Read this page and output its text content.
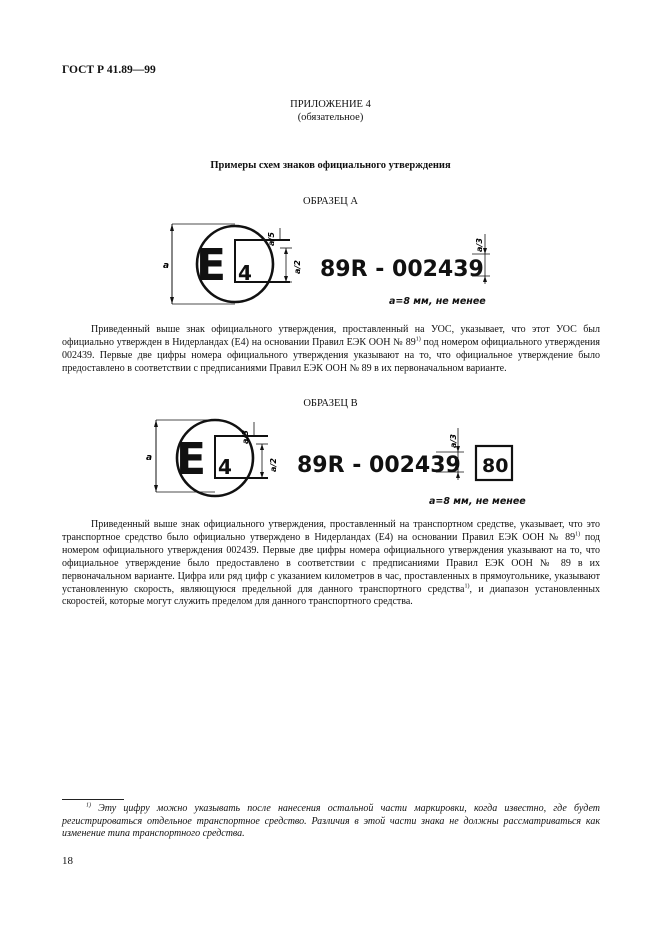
ГОСТ Р 41.89—99
ПРИЛОЖЕНИЕ 4
(обязательное)
Примеры схем знаков официального утверждения
ОБРАЗЕЦ А
a E 4
a/5
a/2 89R - 002439
a/3
a=8 мм, не менее

Приведенный выше знак официального утверждения, проставленный на УОС, указывает, что этот УОС был официально утвержден в Нидерландах (E4) на основании Правил ЕЭК ООН № 89$^{1)}$ под номером официального утверждения 002439. Первые две цифры номера официального утверждения указывают на то, что официальное утверждение было предоставлено в соответствии с предписаниями Правил ЕЭК ООН № 89 в их первоначальном варианте.

ОБРАЗЕЦ В
a E 4
a/3
a/2 89R - 002439
a/3
80
a=8 мм, не менее

Приведенный выше знак официального утверждения, проставленный на транспортном средстве, указывает, что это транспортное средство было официально утверждено в Нидерландах (E4) на основании Правил ЕЭК ООН № 89$^{1)}$ под номером официального утверждения 002439. Первые две цифры номера официального утверждения указывают на то, что официальное утверждение было предоставлено в соответствии с предписаниями Правил ЕЭК ООН № 89 в их первоначальном варианте. Цифра или ряд цифр с указанием километров в час, проставленных в прямоугольнике, указывают установленную скорость, являющуюся предельной для данного транспортного средства$^{1)}$, и диапазон установленных скоростей, которые могут служить пределом для данного транспортного средства.

$^{1)}$ Эту цифру можно указывать после нанесения остальной части маркировки, когда известно, где будет регистрироваться отдельное транспортное средство. Различия в этой части знака не должны рассматриваться как изменение типа транспортного средства.

18
